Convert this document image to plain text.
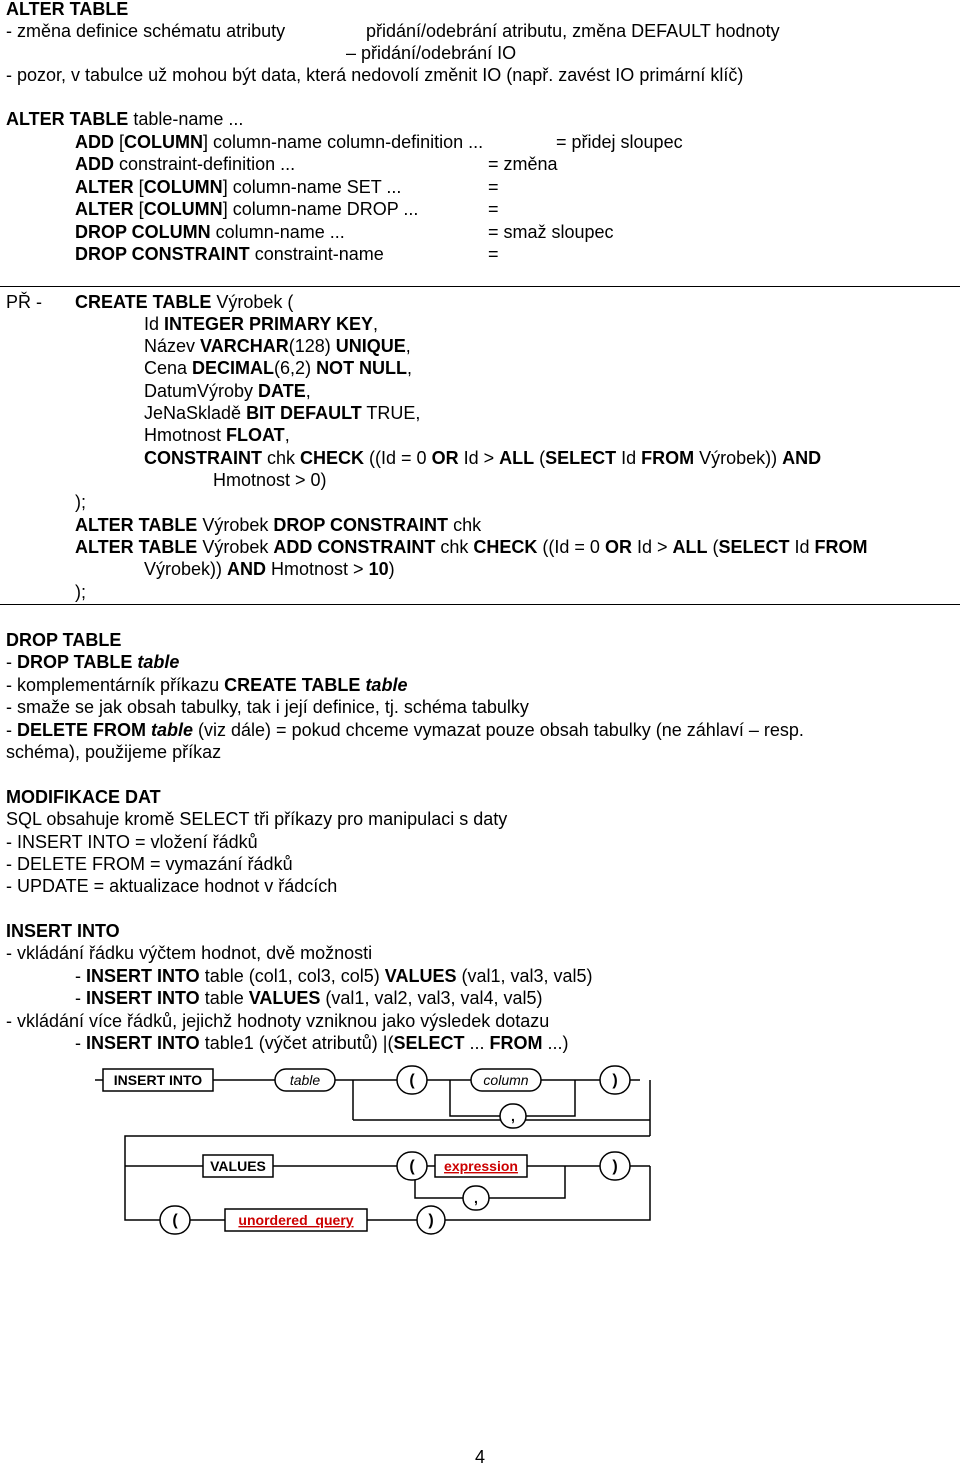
ALTER TABLE
- změna definice schématu atributy	přidání/odebrání atributu, změna DEFAULT hodnoty
– přidání/odebrání IO
- pozor, v tabulce už mohou být data, která nedovolí změnit IO (např. zavést IO primární klíč)
ALTER TABLE table-name ...
ADD [COLUMN] column-name column-definition ...	= přidej sloupec
ADD constraint-definition ...	= změna
ALTER [COLUMN] column-name SET ...	=
ALTER [COLUMN] column-name DROP ...	=
DROP COLUMN column-name ...	= smaž sloupec
DROP CONSTRAINT constraint-name	=
PŘ - CREATE TABLE Výrobek (
Id INTEGER PRIMARY KEY,
Název VARCHAR(128) UNIQUE,
Cena DECIMAL(6,2) NOT NULL,
DatumVýroby DATE,
JeNaSkladě BIT DEFAULT TRUE,
Hmotnost FLOAT,
CONSTRAINT chk CHECK ((Id = 0 OR Id > ALL (SELECT Id FROM Výrobek)) AND
Hmotnost > 0)
);
ALTER TABLE Výrobek DROP CONSTRAINT chk
ALTER TABLE Výrobek ADD CONSTRAINT chk CHECK ((Id = 0 OR Id > ALL (SELECT Id FROM
Výrobek)) AND Hmotnost > 10)
);
DROP TABLE
- DROP TABLE table
- komplementárník příkazu CREATE TABLE table
- smaže se jak obsah tabulky, tak i její definice, tj. schéma tabulky
- DELETE FROM table (viz dále) = pokud chceme vymazat pouze obsah tabulky (ne záhlaví – resp.
schéma), použijeme příkaz
MODIFIKACE DAT
SQL obsahuje kromě SELECT tři příkazy pro manipulaci s daty
- INSERT INTO = vložení řádků
- DELETE FROM = vymazání řádků
- UPDATE = aktualizace hodnot v řádcích
INSERT INTO
- vkládání řádku výčtem hodnot, dvě možnosti
- INSERT INTO table (col1, col3, col5) VALUES (val1, val3, val5)
- INSERT INTO table VALUES (val1, val2, val3, val4, val5)
- vkládání více řádků, jejichž hodnoty vzniknou jako výsledek dotazu
- INSERT INTO table1 (výčet atributů) |(SELECT ... FROM ...)
INSERT INTO	table	(	column	)
,
VALUES	( expression	)
,
(	unordered_query	)
4
